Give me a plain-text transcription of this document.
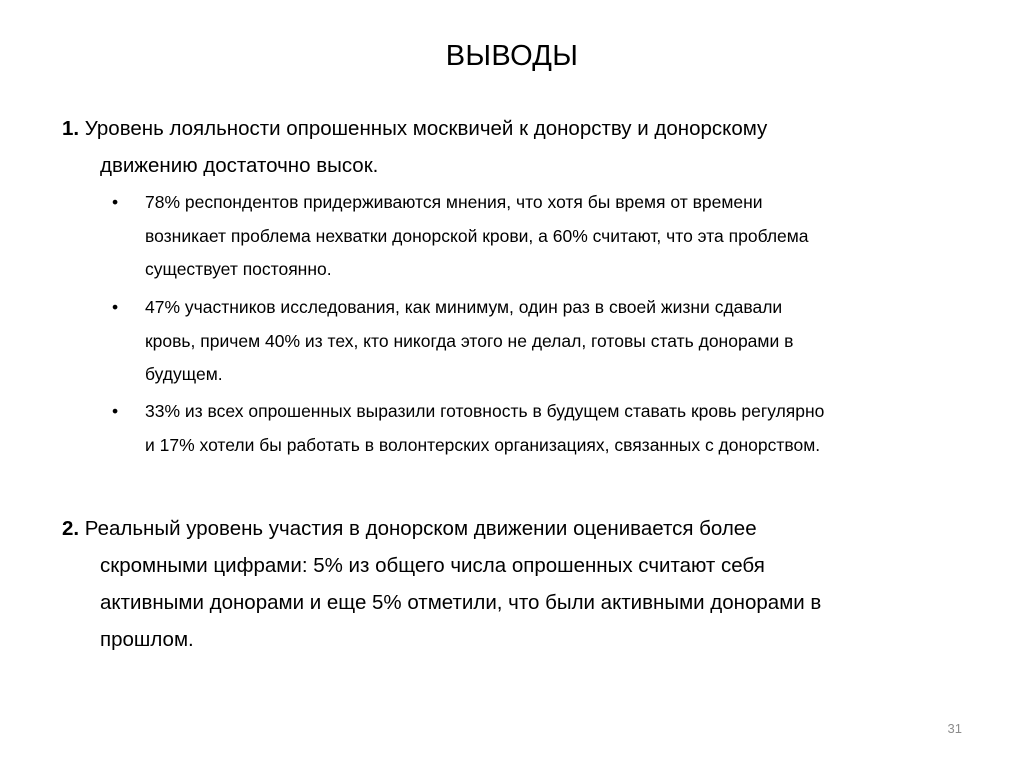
ВЫВОДЫ
1. Уровень лояльности опрошенных москвичей к донорству и донорскому
движению достаточно высок.
• 78% респондентов придерживаются мнения, что хотя бы время от времени
возникает проблема нехватки донорской крови, а 60% считают, что эта проблема
существует постоянно.
• 47% участников исследования, как минимум, один раз в своей жизни сдавали
кровь, причем 40% из тех, кто никогда этого не делал, готовы стать донорами в
будущем.
• 33% из всех опрошенных выразили готовность в будущем ставать кровь регулярно
и 17% хотели бы работать в волонтерских организациях, связанных с донорством.
2. Реальный уровень участия в донорском движении оценивается более
скромными цифрами: 5% из общего числа опрошенных считают себя
активными донорами и еще 5% отметили, что были активными донорами в
прошлом.
31
